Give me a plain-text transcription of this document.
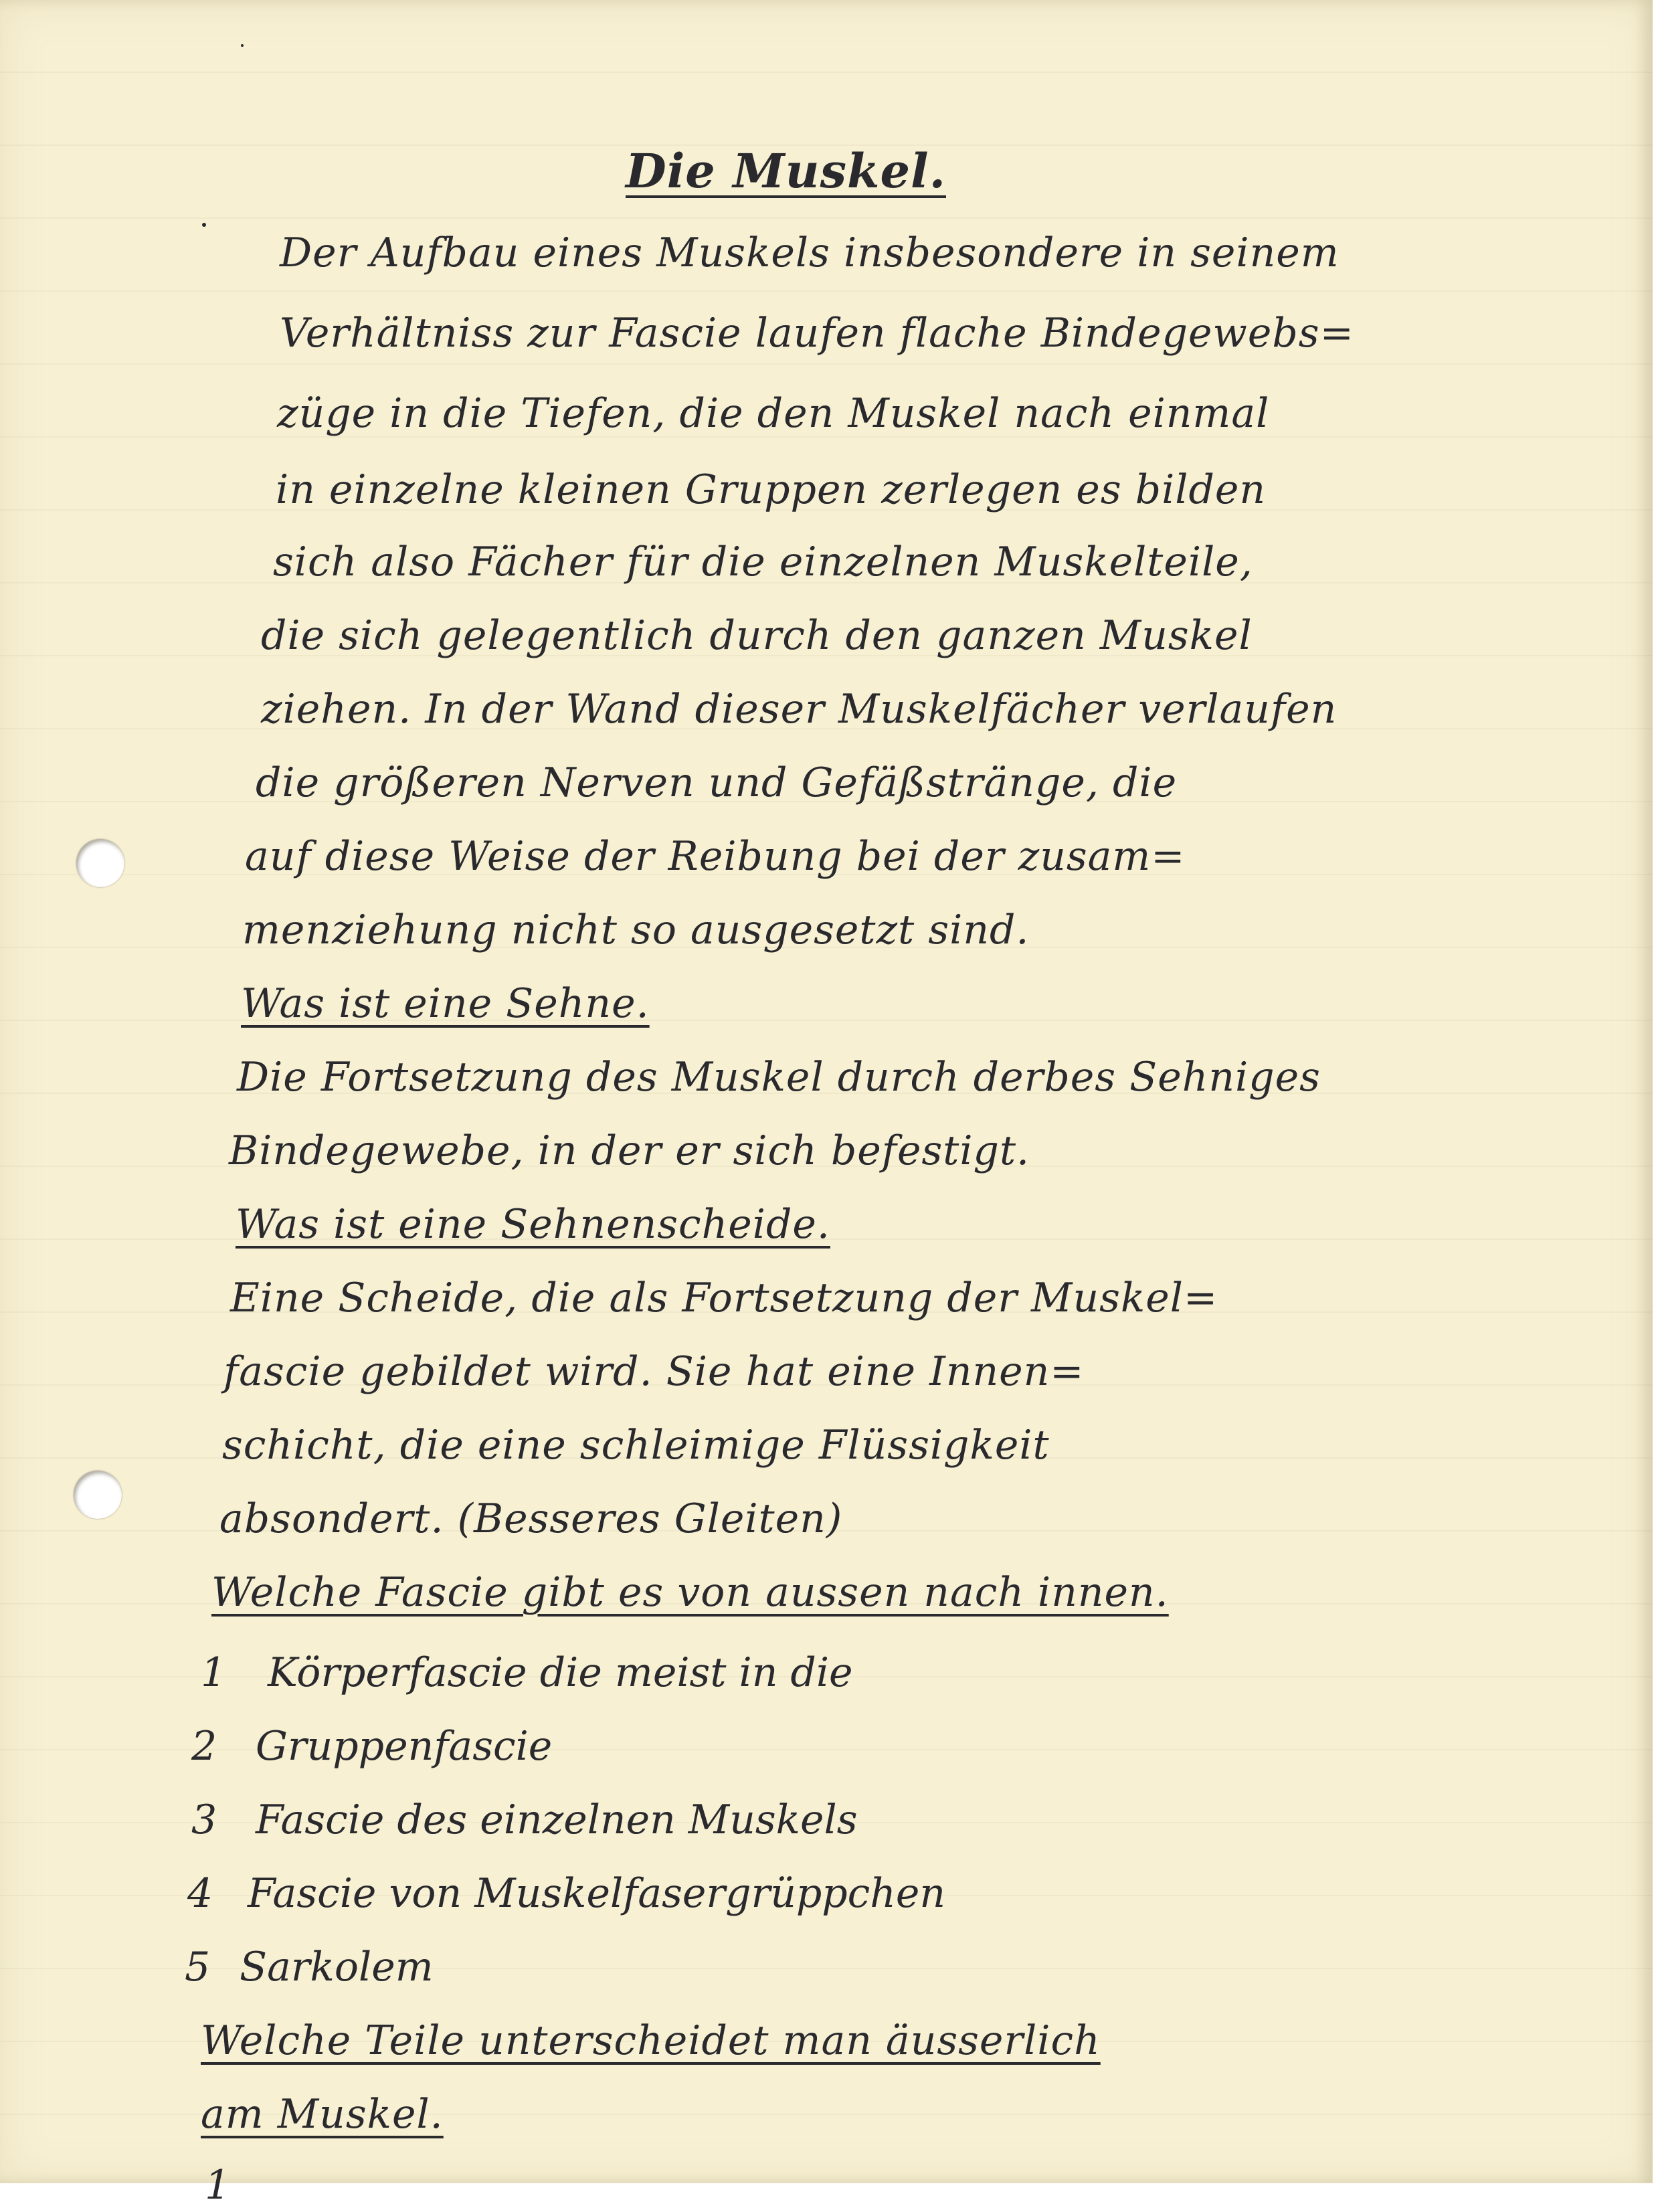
Die Muskel.

Der Aufbau eines Muskels insbesondere in seinem

Verhältniss zur Fascie laufen flache Bindegewebs=

züge in die Tiefen, die den Muskel nach einmal

in einzelne kleinen Gruppen zerlegen es bilden

sich also Fächer für die einzelnen Muskelteile,

die sich gelegentlich durch den ganzen Muskel

ziehen. In der Wand dieser Muskelfächer verlaufen

die größeren Nerven und Gefäßstränge, die

auf diese Weise der Reibung bei der zusam=

menziehung nicht so ausgesetzt sind.

Was ist eine Sehne.

Die Fortsetzung des Muskel durch derbes Sehniges

Bindegewebe, in der er sich befestigt.

Was ist eine Sehnenscheide.

Eine Scheide, die als Fortsetzung der Muskel=

fascie gebildet wird. Sie hat eine Innen=

schicht, die eine schleimige Flüssigkeit

absondert. (Besseres Gleiten)

Welche Fascie gibt es von aussen nach innen.

1 Körperfascie die meist in die
2 Gruppenfascie
3 Fascie des einzelnen Muskels
4 Fascie von Muskelfasergrüppchen
5 Sarkolem

Welche Teile unterscheidet man äusserlich

am Muskel.

1
